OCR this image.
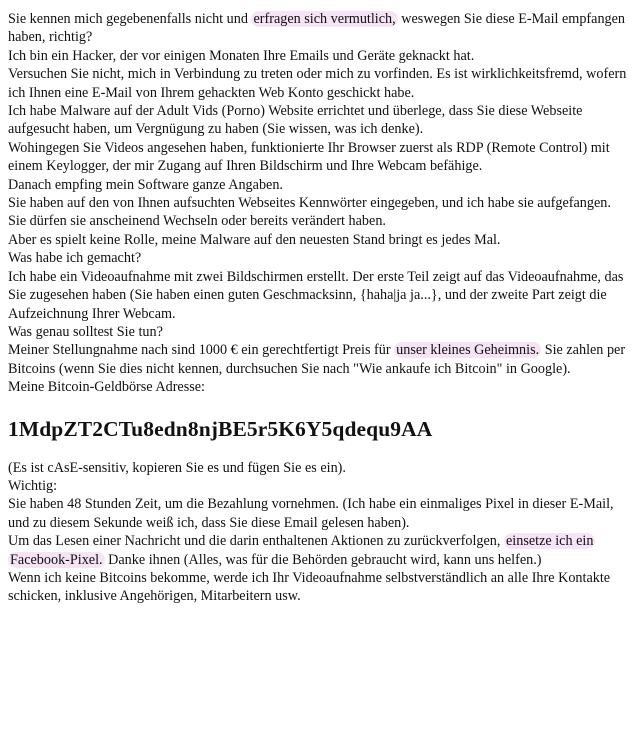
Sie kennen mich gegebenenfalls nicht und erfragen sich vermutlich, weswegen Sie diese E-Mail empfangen haben, richtig?

Ich bin ein Hacker, der vor einigen Monaten Ihre Emails und Geräte geknackt hat.

Versuchen Sie nicht, mich in Verbindung zu treten oder mich zu vorfinden. Es ist wirklichkeitsfremd, wofern ich Ihnen eine E-Mail von Ihrem gehackten Web Konto geschickt habe.

Ich habe Malware auf der Adult Vids (Porno) Website errichtet und überlege, dass Sie diese Webseite aufgesucht haben, um Vergnügung zu haben (Sie wissen, was ich denke).

Wohingegen Sie Videos angesehen haben, funktionierte Ihr Browser zuerst als RDP (Remote Control) mit einem Keylogger, der mir Zugang auf Ihren Bildschirm und Ihre Webcam befähige.

Danach empfing mein Software ganze Angaben.

Sie haben auf den von Ihnen aufsuchten Webseites Kennwörter eingegeben, und ich habe sie aufgefangen.

Sie dürfen sie anscheinend Wechseln oder bereits verändert haben.

Aber es spielt keine Rolle, meine Malware auf den neuesten Stand bringt es jedes Mal.

Was habe ich gemacht?

Ich habe ein Videoaufnahme mit zwei Bildschirmen erstellt. Der erste Teil zeigt auf das Videoaufnahme, das Sie zugesehen haben (Sie haben einen guten Geschmacksinn, {haha|ja ja...}, und der zweite Part zeigt die Aufzeichnung Ihrer Webcam.

Was genau solltest Sie tun?

Meiner Stellungnahme nach sind 1000 € ein gerechtfertigt Preis für unser kleines Geheimnis. Sie zahlen per Bitcoins (wenn Sie dies nicht kennen, durchsuchen Sie nach "Wie ankaufe ich Bitcoin" in Google).

Meine Bitcoin-Geldbörse Adresse:

1MdpZT2CTu8edn8njBE5r5K6Y5qdequ9AA

(Es ist cAsE-sensitiv, kopieren Sie es und fügen Sie es ein).

Wichtig:

Sie haben 48 Stunden Zeit, um die Bezahlung vornehmen. (Ich habe ein einmaliges Pixel in dieser E-Mail, und zu diesem Sekunde weiß ich, dass Sie diese Email gelesen haben).

Um das Lesen einer Nachricht und die darin enthaltenen Aktionen zu zurückverfolgen, einsetze ich ein Facebook-Pixel. Danke ihnen (Alles, was für die Behörden gebraucht wird, kann uns helfen.)

Wenn ich keine Bitcoins bekomme, werde ich Ihr Videoaufnahme selbstverständlich an alle Ihre Kontakte schicken, inklusive Angehörigen, Mitarbeitern usw.
